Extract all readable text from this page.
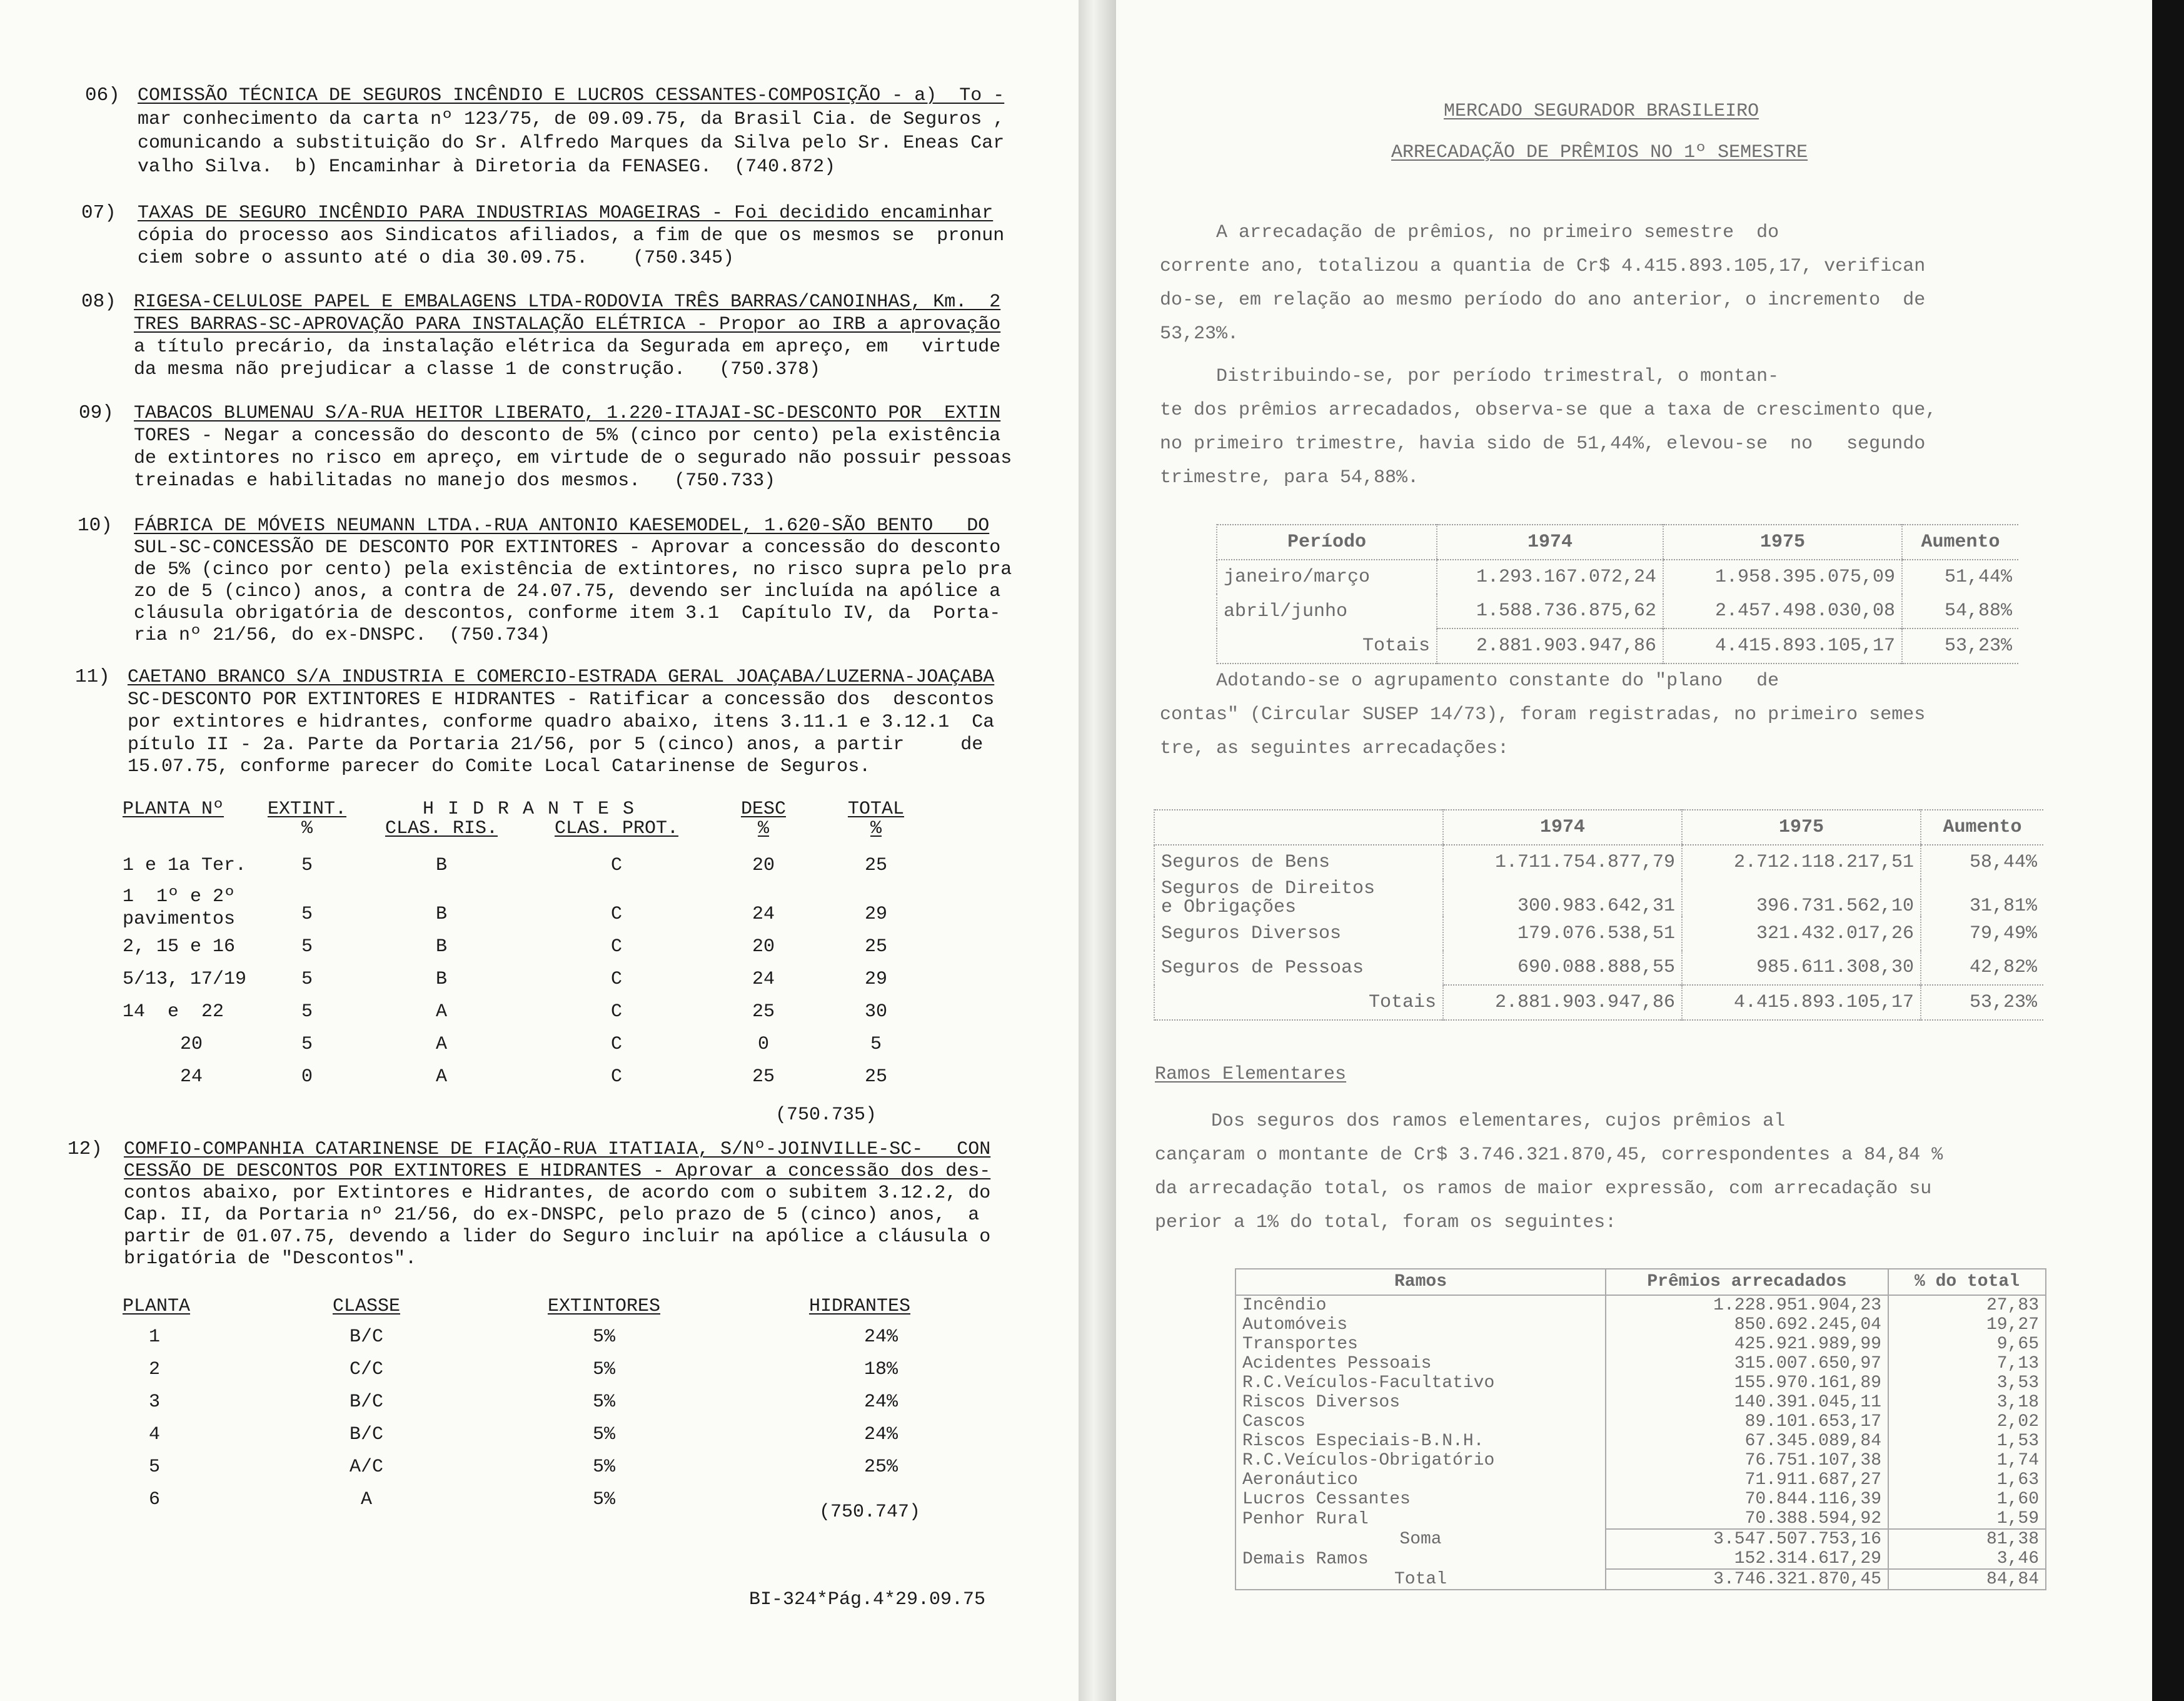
06) COMISSÃO TÉCNICA DE SEGUROS INCÊNDIO E LUCROS CESSANTES-COMPOSIÇÃO - a)  To -
mar conhecimento da carta nº 123/75, de 09.09.75, da Brasil Cia. de Seguros ,
comunicando a substituição do Sr. Alfredo Marques da Silva pelo Sr. Eneas Car
valho Silva.  b) Encaminhar à Diretoria da FENASEG.  (740.872)
07) TAXAS DE SEGURO INCÊNDIO PARA INDUSTRIAS MOAGEIRAS - Foi decidido encaminhar
cópia do processo aos Sindicatos afiliados, a fim de que os mesmos se  pronun
ciem sobre o assunto até o dia 30.09.75.    (750.345)
08) RIGESA-CELULOSE PAPEL E EMBALAGENS LTDA-RODOVIA TRÊS BARRAS/CANOINHAS, Km.  2
TRES BARRAS-SC-APROVAÇÃO PARA INSTALAÇÃO ELÉTRICA - Propor ao IRB a aprovação
a título precário, da instalação elétrica da Segurada em apreço, em   virtude
da mesma não prejudicar a classe 1 de construção.   (750.378)
09) TABACOS BLUMENAU S/A-RUA HEITOR LIBERATO, 1.220-ITAJAI-SC-DESCONTO POR  EXTIN
TORES - Negar a concessão do desconto de 5% (cinco por cento) pela existência
de extintores no risco em apreço, em virtude de o segurado não possuir pessoas
treinadas e habilitadas no manejo dos mesmos.   (750.733)
10) FÁBRICA DE MÓVEIS NEUMANN LTDA.-RUA ANTONIO KAESEMODEL, 1.620-SÃO BENTO   DO
SUL-SC-CONCESSÃO DE DESCONTO POR EXTINTORES - Aprovar a concessão do desconto
de 5% (cinco por cento) pela existência de extintores, no risco supra pelo pra
zo de 5 (cinco) anos, a contra de 24.07.75, devendo ser incluída na apólice a
cláusula obrigatória de descontos, conforme item 3.1  Capítulo IV, da  Porta-
ria nº 21/56, do ex-DNSPC.  (750.734)
11) CAETANO BRANCO S/A INDUSTRIA E COMERCIO-ESTRADA GERAL JOAÇABA/LUZERNA-JOAÇABA
SC-DESCONTO POR EXTINTORES E HIDRANTES - Ratificar a concessão dos  descontos
por extintores e hidrantes, conforme quadro abaixo, itens 3.11.1 e 3.12.1  Ca
pítulo II - 2a. Parte da Portaria 21/56, por 5 (cinco) anos, a partir     de
15.07.75, conforme parecer do Comite Local Catarinense de Seguros.

PLANTA Nº	EXTINT.	H I D R A N T E S		DESC	TOTAL
	%	CLAS. RIS.	CLAS. PROT.	%	%

1 e 1a Ter.	5	B	C	20	25
1  1º e 2º
pavimentos	5	B	C	24	29
2, 15 e 16	5	B	C	20	25
5/13, 17/19	5	B	C	24	29
14  e  22	5	A	C	25	30
20	5	A	C	0	5
24	0	A	C	25	25

(750.735)
12) COMFIO-COMPANHIA CATARINENSE DE FIAÇÃO-RUA ITATIAIA, S/Nº-JOINVILLE-SC-   CON
CESSÃO DE DESCONTOS POR EXTINTORES E HIDRANTES - Aprovar a concessão dos des-
contos abaixo, por Extintores e Hidrantes, de acordo com o subitem 3.12.2, do
Cap. II, da Portaria nº 21/56, do ex-DNSPC, pelo prazo de 5 (cinco) anos,  a
partir de 01.07.75, devendo a lider do Seguro incluir na apólice a cláusula o
brigatória de "Descontos".

PLANTA	CLASSE	EXTINTORES	HIDRANTES
1	B/C	5%	24%
2	C/C	5%	18%
3	B/C	5%	24%
4	B/C	5%	24%
5	A/C	5%	25%
6	A	5%	

(750.747)
BI-324*Pág.4*29.09.75
MERCADO SEGURADOR BRASILEIRO
ARRECADAÇÃO DE PRÊMIOS NO 1º SEMESTRE
A arrecadação de prêmios, no primeiro semestre  do
corrente ano, totalizou a quantia de Cr$ 4.415.893.105,17, verifican
do-se, em relação ao mesmo período do ano anterior, o incremento  de
53,23%.
Distribuindo-se, por período trimestral, o montan-
te dos prêmios arrecadados, observa-se que a taxa de crescimento que,
no primeiro trimestre, havia sido de 51,44%, elevou-se  no   segundo
trimestre, para 54,88%.

Período	1974	1975	Aumento
janeiro/março	1.293.167.072,24	1.958.395.075,09	51,44%
abril/junho	1.588.736.875,62	2.457.498.030,08	54,88%
Totais	2.881.903.947,86	4.415.893.105,17	53,23%

Adotando-se o agrupamento constante do "plano   de
contas" (Circular SUSEP 14/73), foram registradas, no primeiro semes
tre, as seguintes arrecadações:

	1974	1975	Aumento
Seguros de Bens	1.711.754.877,79	2.712.118.217,51	58,44%
Seguros de Direitos
e Obrigações	300.983.642,31	396.731.562,10	31,81%
Seguros Diversos	179.076.538,51	321.432.017,26	79,49%
Seguros de Pessoas	690.088.888,55	985.611.308,30	42,82%
Totais	2.881.903.947,86	4.415.893.105,17	53,23%

Ramos Elementares
Dos seguros dos ramos elementares, cujos prêmios al
cançaram o montante de Cr$ 3.746.321.870,45, correspondentes a 84,84 %
da arrecadação total, os ramos de maior expressão, com arrecadação su
perior a 1% do total, foram os seguintes:

Ramos	Prêmios arrecadados	% do total
Incêndio	1.228.951.904,23	27,83
Automóveis	850.692.245,04	19,27
Transportes	425.921.989,99	9,65
Acidentes Pessoais	315.007.650,97	7,13
R.C.Veículos-Facultativo	155.970.161,89	3,53
Riscos Diversos	140.391.045,11	3,18
Cascos	89.101.653,17	2,02
Riscos Especiais-B.N.H.	67.345.089,84	1,53
R.C.Veículos-Obrigatório	76.751.107,38	1,74
Aeronáutico	71.911.687,27	1,63
Lucros Cessantes	70.844.116,39	1,60
Penhor Rural	70.388.594,92	1,59
Soma	3.547.507.753,16	81,38
Demais Ramos	152.314.617,29	3,46
Total	3.746.321.870,45	84,84
